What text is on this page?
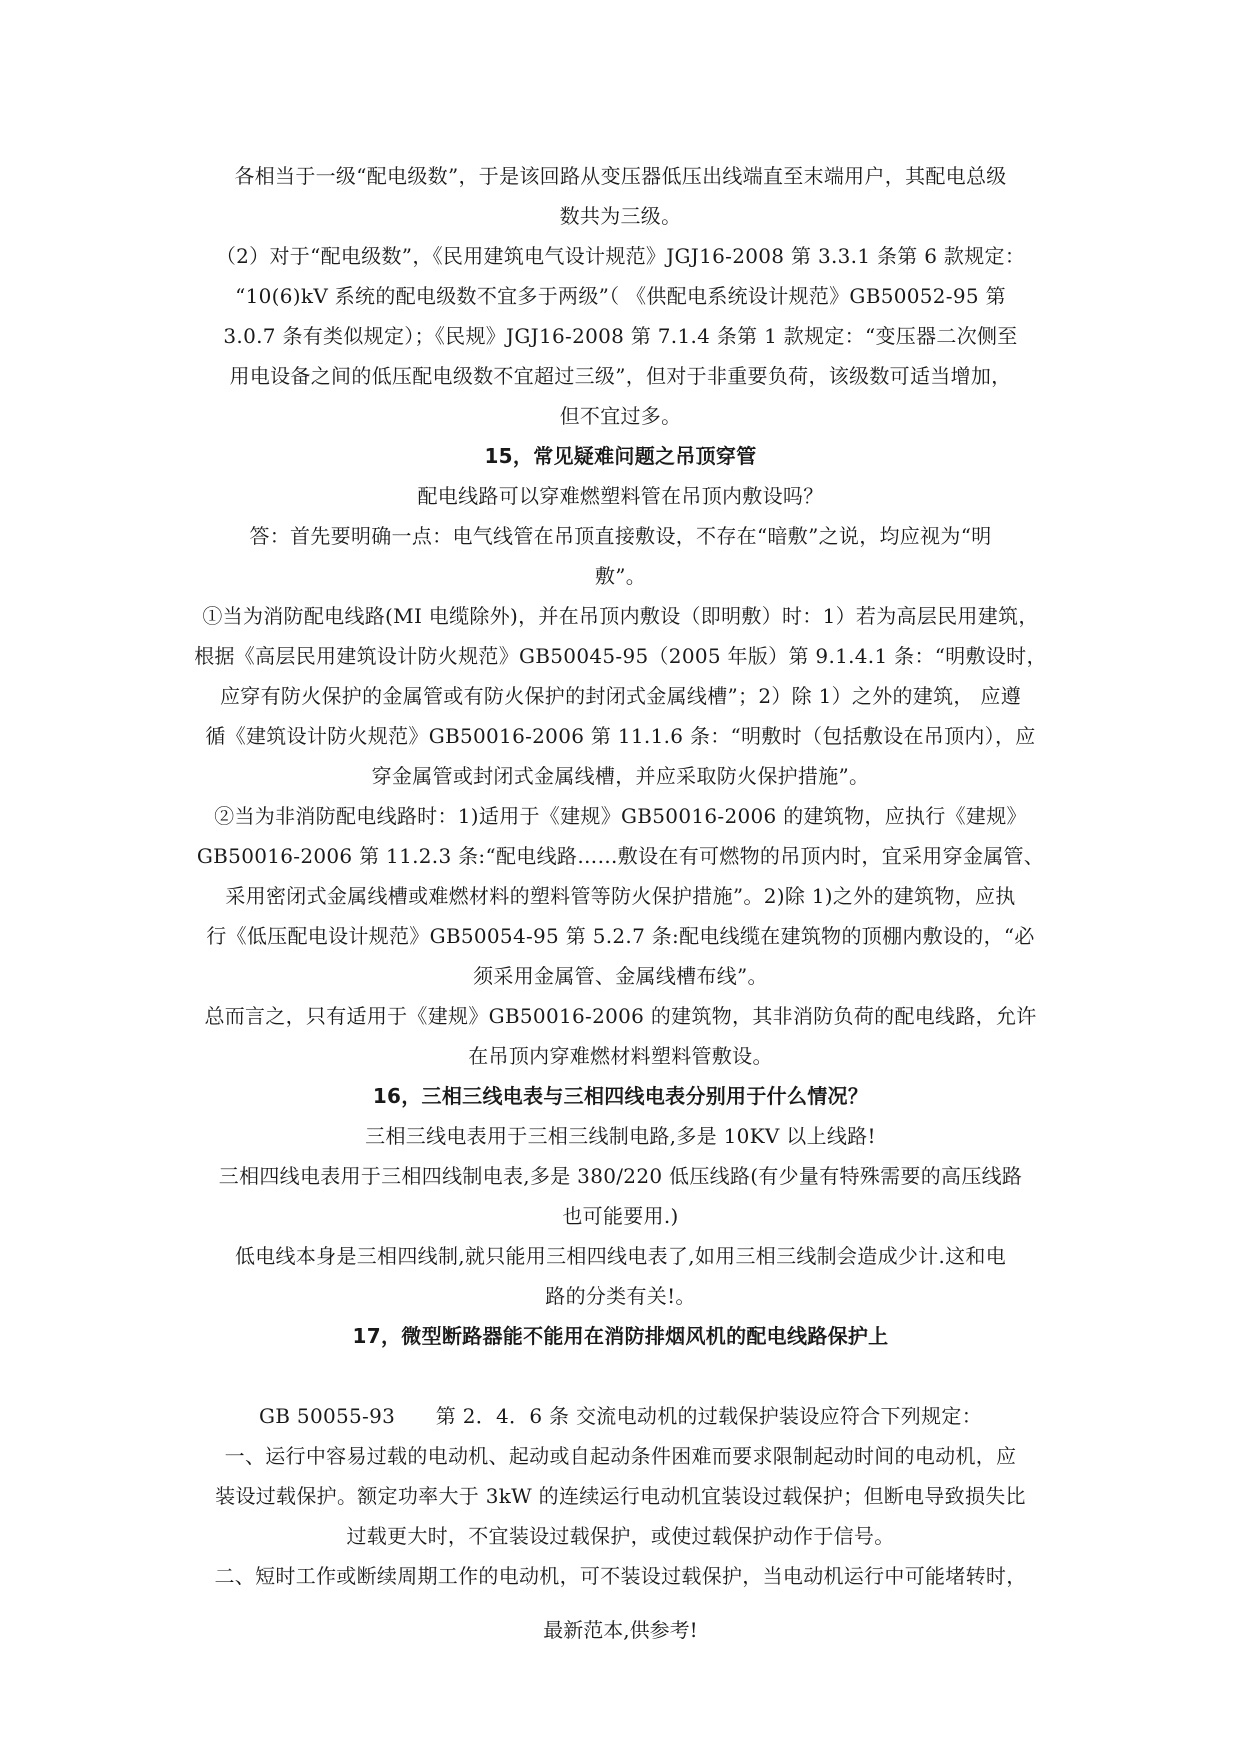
各相当于一级“配电级数”，于是该回路从变压器低压出线端直至末端用户，其配电总级
数共为三级。
（2）对于“配电级数”，《民用建筑电气设计规范》JGJ16-2008 第 3.3.1 条第 6 款规定：
“10(6)kV 系统的配电级数不宜多于两级”（ 《供配电系统设计规范》GB50052-95 第
3.0.7 条有类似规定）；《民规》JGJ16-2008 第 7.1.4 条第 1 款规定：“变压器二次侧至
用电设备之间的低压配电级数不宜超过三级”，但对于非重要负荷，该级数可适当增加，
但不宜过多。
15，常见疑难问题之吊顶穿管
配电线路可以穿难燃塑料管在吊顶内敷设吗？
答：首先要明确一点：电气线管在吊顶直接敷设，不存在“暗敷”之说，均应视为“明
敷”。
①当为消防配电线路(MI 电缆除外)，并在吊顶内敷设（即明敷）时：1）若为高层民用建筑，
根据《高层民用建筑设计防火规范》GB50045-95（2005 年版）第 9.1.4.1 条：“明敷设时，
应穿有防火保护的金属管或有防火保护的封闭式金属线槽”；2）除 1）之外的建筑， 应遵
循《建筑设计防火规范》GB50016-2006 第 11.1.6 条：“明敷时（包括敷设在吊顶内），应
穿金属管或封闭式金属线槽，并应采取防火保护措施”。
②当为非消防配电线路时：1)适用于《建规》GB50016-2006 的建筑物，应执行《建规》
GB50016-2006 第 11.2.3 条:“配电线路……敷设在有可燃物的吊顶内时，宜采用穿金属管、
采用密闭式金属线槽或难燃材料的塑料管等防火保护措施”。2)除 1)之外的建筑物，应执
行《低压配电设计规范》GB50054-95 第 5.2.7 条:配电线缆在建筑物的顶棚内敷设的，“必
须采用金属管、金属线槽布线”。
总而言之，只有适用于《建规》GB50016-2006 的建筑物，其非消防负荷的配电线路，允许
在吊顶内穿难燃材料塑料管敷设。
16，三相三线电表与三相四线电表分别用于什么情况？
三相三线电表用于三相三线制电路,多是 10KV 以上线路!
三相四线电表用于三相四线制电表,多是 380/220 低压线路(有少量有特殊需要的高压线路
也可能要用.)
低电线本身是三相四线制,就只能用三相四线电表了,如用三相三线制会造成少计.这和电
路的分类有关!。
17，微型断路器能不能用在消防排烟风机的配电线路保护上
GB 50055-93　　第 2．4．6 条 交流电动机的过载保护装设应符合下列规定：
一、运行中容易过载的电动机、起动或自起动条件困难而要求限制起动时间的电动机，应
装设过载保护。额定功率大于 3kW 的连续运行电动机宜装设过载保护；但断电导致损失比
过载更大时，不宜装设过载保护，或使过载保护动作于信号。
二、短时工作或断续周期工作的电动机，可不装设过载保护，当电动机运行中可能堵转时，
最新范本,供参考!
